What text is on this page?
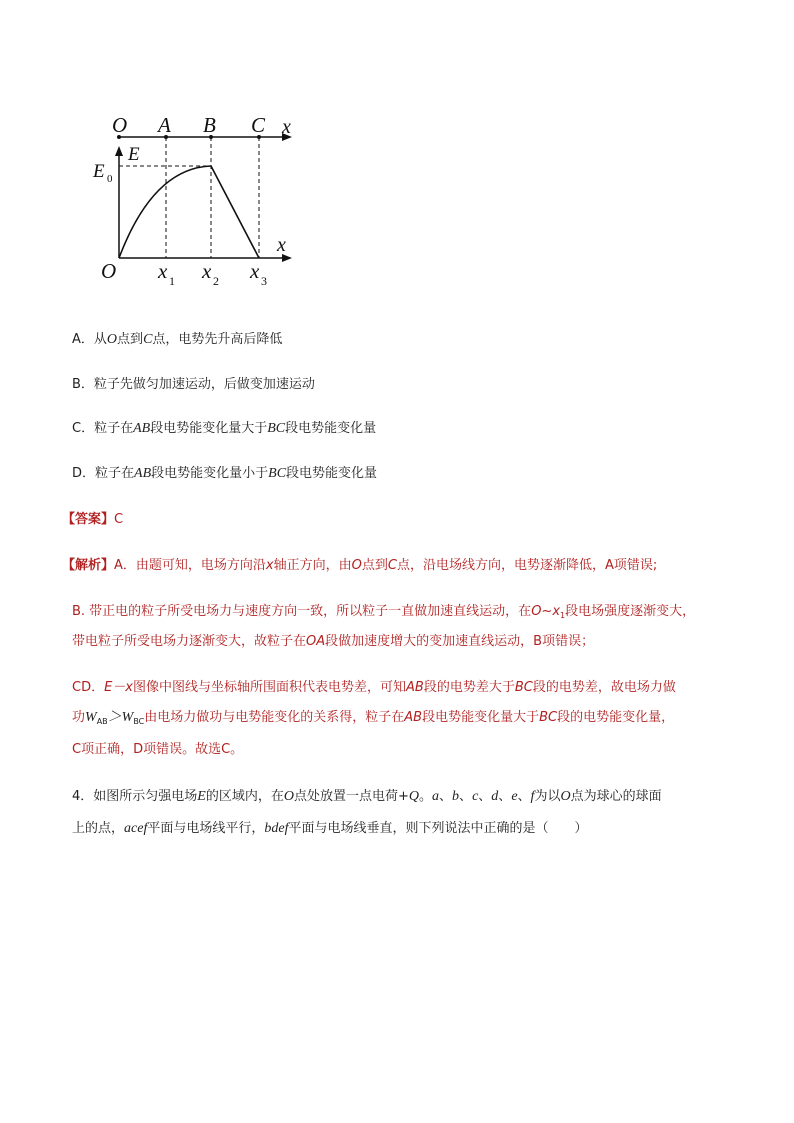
O A B C x
E
x
E 0
O x 1 x 2 x 3
A．从O点到C点，电势先升高后降低
B．粒子先做匀加速运动，后做变加速运动
C．粒子在AB段电势能变化量大于BC段电势能变化量
D．粒子在AB段电势能变化量小于BC段电势能变化量
【答案】C
【解析】A．由题可知，电场方向沿x轴正方向，由O点到C点，沿电场线方向，电势逐渐降低，A项错误;
B. 带正电的粒子所受电场力与速度方向一致，所以粒子一直做加速直线运动，在$O\sim x_1$段电场强度逐渐变大，
带电粒子所受电场力逐渐变大，故粒子在OA段做加速度增大的变加速直线运动，B项错误；
CD．E－x图像中图线与坐标轴所围面积代表电势差，可知AB段的电势差大于BC段的电势差，故电场力做
功$W_{AB}>W_{BC}$由电场力做功与电势能变化的关系得，粒子在AB段电势能变化量大于BC段的电势能变化量，
C项正确，D项错误。故选C。
4．如图所示匀强电场E的区域内，在O点处放置一点电荷+Q。a、b、c、d、e、f为以O点为球心的球面
上的点，acef平面与电场线平行，bdef平面与电场线垂直，则下列说法中正确的是（　　）
